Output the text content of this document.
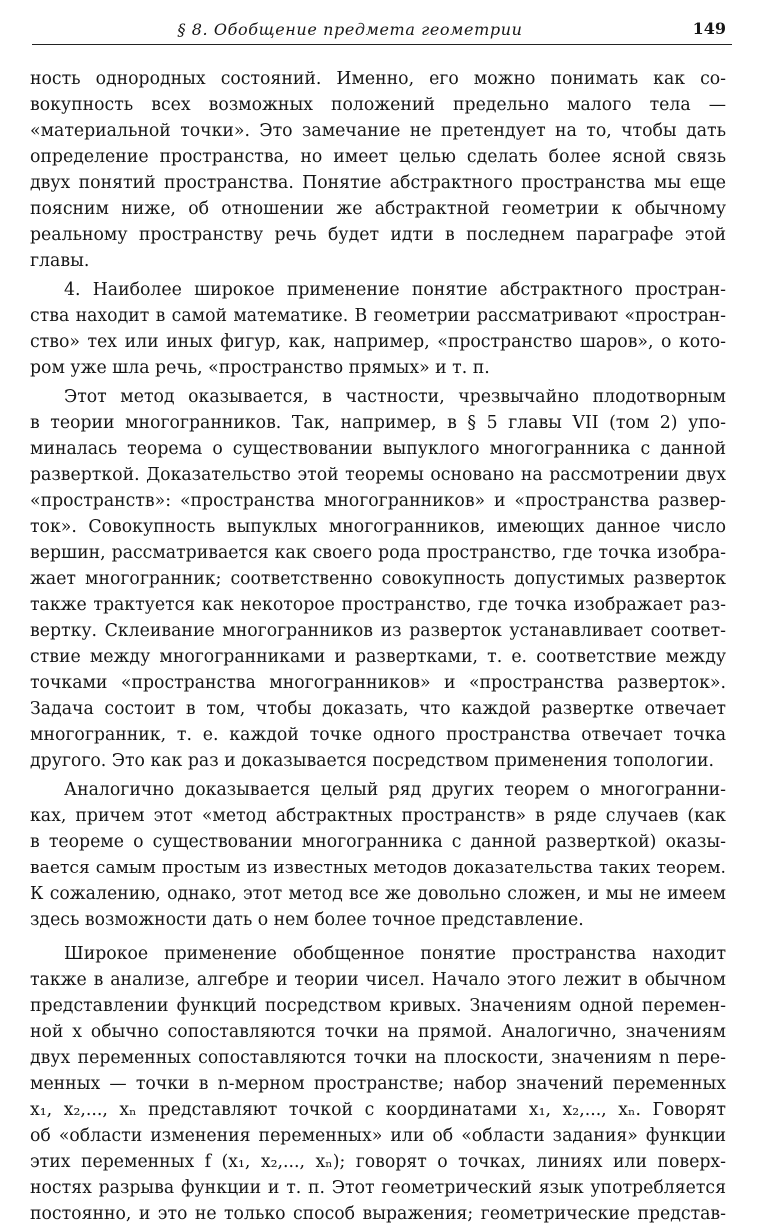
§ 8. Обобщение предмета геометрии	149
ность однородных состояний. Именно, его можно понимать как со-
вокупность всех возможных положений предельно малого тела —
«материальной точки». Это замечание не претендует на то, чтобы дать
определение пространства, но имеет целью сделать более ясной связь
двух понятий пространства. Понятие абстрактного пространства мы еще
поясним ниже, об отношении же абстрактной геометрии к обычному
реальному пространству речь будет идти в последнем параграфе этой
главы.
4. Наиболее широкое применение понятие абстрактного простран-
ства находит в самой математике. В геометрии рассматривают «простран-
ство» тех или иных фигур, как, например, «пространство шаров», о кото-
ром уже шла речь, «пространство прямых» и т. п.
Этот метод оказывается, в частности, чрезвычайно плодотворным
в теории многогранников. Так, например, в § 5 главы VII (том 2) упо-
миналась теорема о существовании выпуклого многогранника с данной
разверткой. Доказательство этой теоремы основано на рассмотрении двух
«пространств»: «пространства многогранников» и «пространства развер-
ток». Совокупность выпуклых многогранников, имеющих данное число
вершин, рассматривается как своего рода пространство, где точка изобра-
жает многогранник; соответственно совокупность допустимых разверток
также трактуется как некоторое пространство, где точка изображает раз-
вертку. Склеивание многогранников из разверток устанавливает соответ-
ствие между многогранниками и развертками, т. е. соответствие между
точками «пространства многогранников» и «пространства разверток».
Задача состоит в том, чтобы доказать, что каждой развертке отвечает
многогранник, т. е. каждой точке одного пространства отвечает точка
другого. Это как раз и доказывается посредством применения топологии.
Аналогично доказывается целый ряд других теорем о многогранни-
ках, причем этот «метод абстрактных пространств» в ряде случаев (как
в теореме о существовании многогранника с данной разверткой) оказы-
вается самым простым из известных методов доказательства таких теорем.
К сожалению, однако, этот метод все же довольно сложен, и мы не имеем
здесь возможности дать о нем более точное представление.
Широкое применение обобщенное понятие пространства находит
также в анализе, алгебре и теории чисел. Начало этого лежит в обычном
представлении функций посредством кривых. Значениям одной перемен-
ной x обычно сопоставляются точки на прямой. Аналогично, значениям
двух переменных сопоставляются точки на плоскости, значениям n пере-
менных — точки в n-мерном пространстве; набор значений переменных
x₁, x₂,..., xₙ представляют точкой с координатами x₁, x₂,..., xₙ. Говорят
об «области изменения переменных» или об «области задания» функции
этих переменных f (x₁, x₂,..., xₙ); говорят о точках, линиях или поверх-
ностях разрыва функции и т. п. Этот геометрический язык употребляется
постоянно, и это не только способ выражения; геометрические представ-
